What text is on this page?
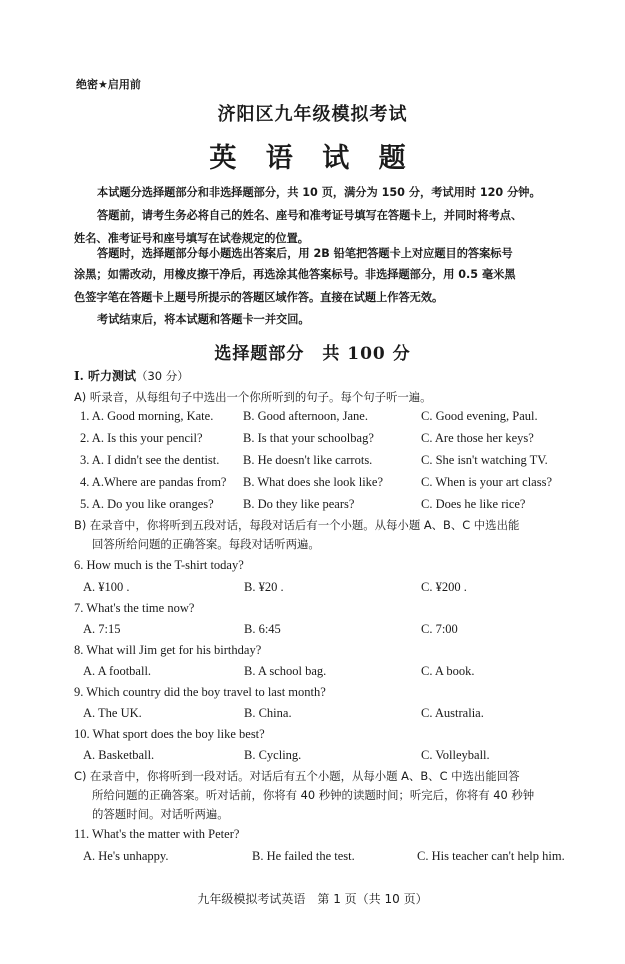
绝密★启用前
济阳区九年级模拟考试
英 语 试 题
本试题分选择题部分和非选择题部分，共 10 页，满分为 150 分，考试用时 120 分钟。
答题前，请考生务必将自己的姓名、座号和准考证号填写在答题卡上，并同时将考点、
姓名、准考证号和座号填写在试卷规定的位置。
答题时，选择题部分每小题选出答案后，用 2B 铅笔把答题卡上对应题目的答案标号
涂黑；如需改动，用橡皮擦干净后，再选涂其他答案标号。非选择题部分，用 0.5 毫米黑
色签字笔在答题卡上题号所提示的答题区域作答。直接在试题上作答无效。
考试结束后，将本试题和答题卡一并交回。
选择题部分　共 100 分
I. 听力测试（30 分）
A) 听录音，从每组句子中选出一个你所听到的句子。每个句子听一遍。
1. A. Good morning, Kate. B. Good afternoon, Jane.	C. Good evening, Paul.
2. A. Is this your pencil?	B. Is that your schoolbag?	C. Are those her keys?
3. A. I didn't see the dentist. B. He doesn't like carrots.	C. She isn't watching TV.
4. A.Where are pandas from? B. What does she look like?	C. When is your art class?
5. A. Do you like oranges? B. Do they like pears?	C. Does he like rice?
B) 在录音中，你将听到五段对话，每段对话后有一个小题。从每小题 A、B、C 中选出能
回答所给问题的正确答案。每段对话听两遍。
6. How much is the T-shirt today?
A. ¥100 .	B. ¥20 .	C. ¥200 .
7. What's the time now?
A. 7:15	B. 6:45	C. 7:00
8. What will Jim get for his birthday?
A. A football.	B. A school bag.	C. A book.
9. Which country did the boy travel to last month?
A. The UK.	B. China.	C. Australia.
10. What sport does the boy like best?
A. Basketball.	B. Cycling.	C. Volleyball.
C) 在录音中，你将听到一段对话。对话后有五个小题，从每小题 A、B、C 中选出能回答
所给问题的正确答案。听对话前，你将有 40 秒钟的读题时间；听完后，你将有 40 秒钟
的答题时间。对话听两遍。
11. What's the matter with Peter?
A. He's unhappy.	B. He failed the test.	C. His teacher can't help him.
九年级模拟考试英语　第 1 页（共 10 页）
